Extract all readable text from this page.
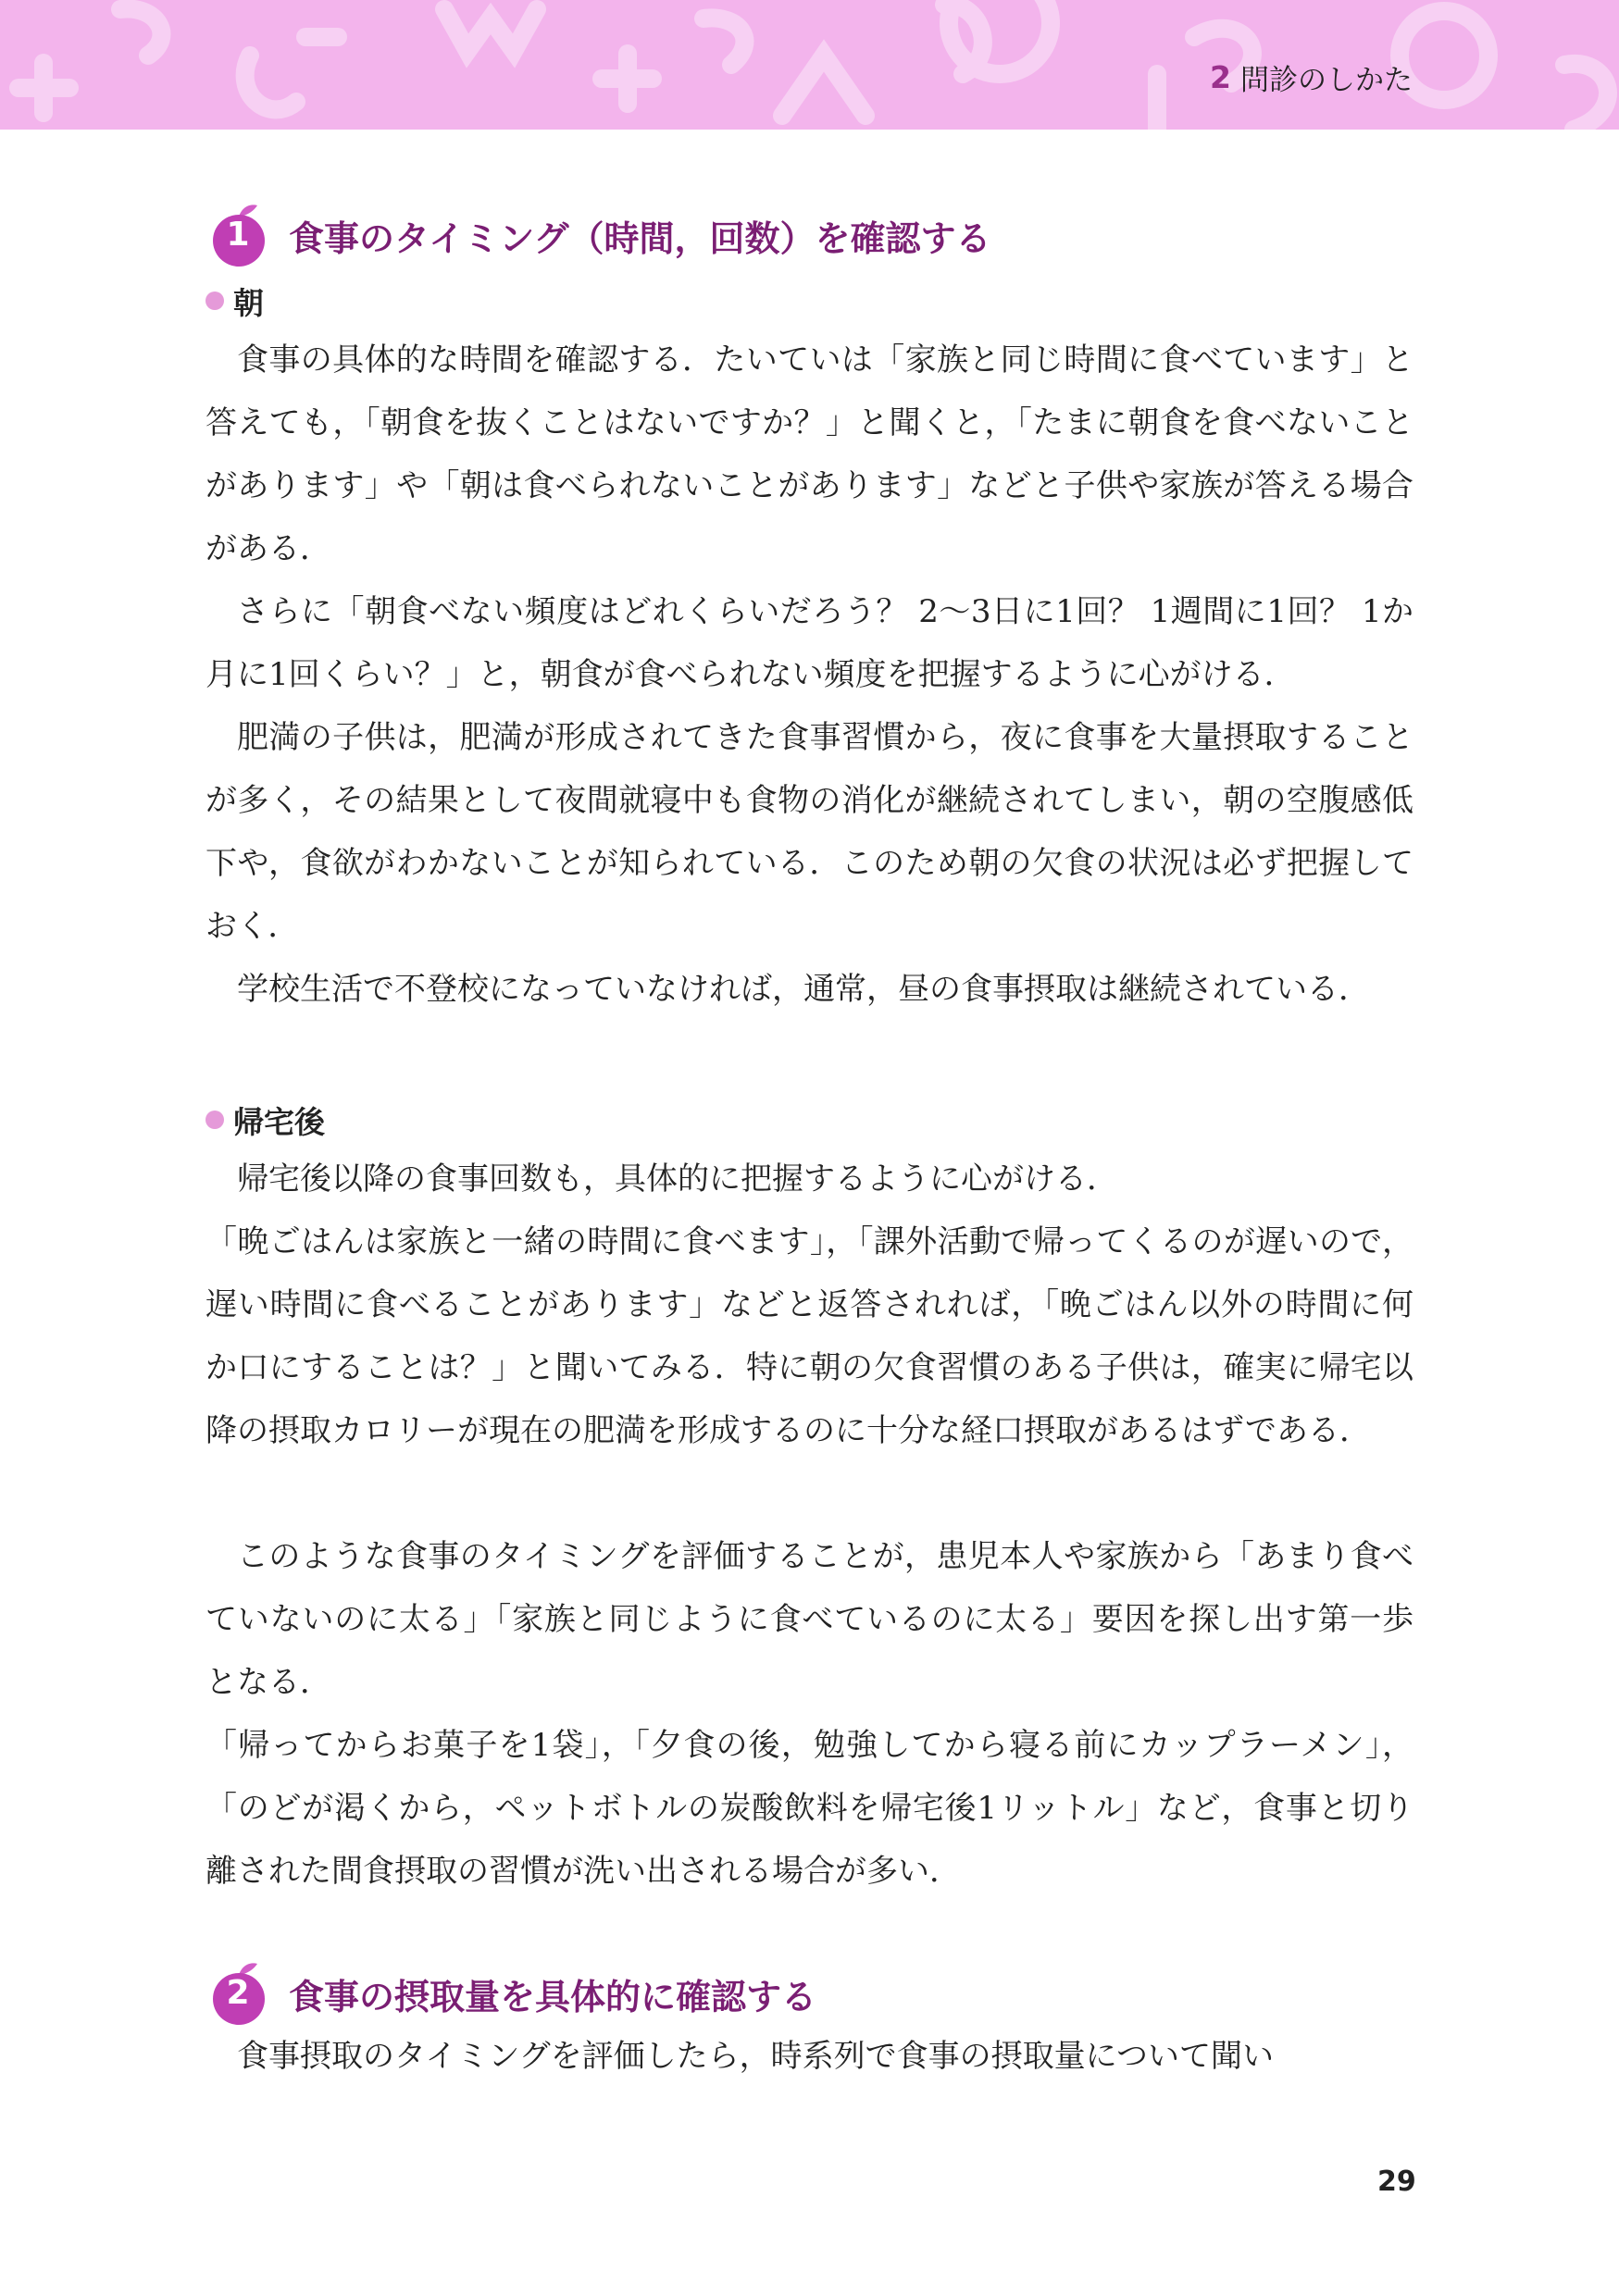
2 問診のしかた
1	食事のタイミング（時間，回数）を確認する
朝

食事の具体的な時間を確認する．たいていは「家族と同じ時間に食べています」と答えても，「朝食を抜くことはないですか？」と聞くと，「たまに朝食を食べないことがあります」や「朝は食べられないことがあります」などと子供や家族が答える場合がある．

さらに「朝食べない頻度はどれくらいだろう？ 2〜3日に1回？ 1週間に1回？ 1か月に1回くらい？」と，朝食が食べられない頻度を把握するように心がける．

肥満の子供は，肥満が形成されてきた食事習慣から，夜に食事を大量摂取することが多く，その結果として夜間就寝中も食物の消化が継続されてしまい，朝の空腹感低下や，食欲がわかないことが知られている．このため朝の欠食の状況は必ず把握しておく．

学校生活で不登校になっていなければ，通常，昼の食事摂取は継続されている．

帰宅後

帰宅後以降の食事回数も，具体的に把握するように心がける．

「晩ごはんは家族と一緒の時間に食べます」，「課外活動で帰ってくるのが遅いので，遅い時間に食べることがあります」などと返答されれば，「晩ごはん以外の時間に何か口にすることは？」と聞いてみる．特に朝の欠食習慣のある子供は，確実に帰宅以降の摂取カロリーが現在の肥満を形成するのに十分な経口摂取があるはずである．

このような食事のタイミングを評価することが，患児本人や家族から「あまり食べていないのに太る」「家族と同じように食べているのに太る」要因を探し出す第一歩となる．

「帰ってからお菓子を1袋」，「夕食の後，勉強してから寝る前にカップラーメン」，「のどが渇くから，ペットボトルの炭酸飲料を帰宅後1リットル」など，食事と切り離された間食摂取の習慣が洗い出される場合が多い．

2	食事の摂取量を具体的に確認する

食事摂取のタイミングを評価したら，時系列で食事の摂取量について聞い

29
